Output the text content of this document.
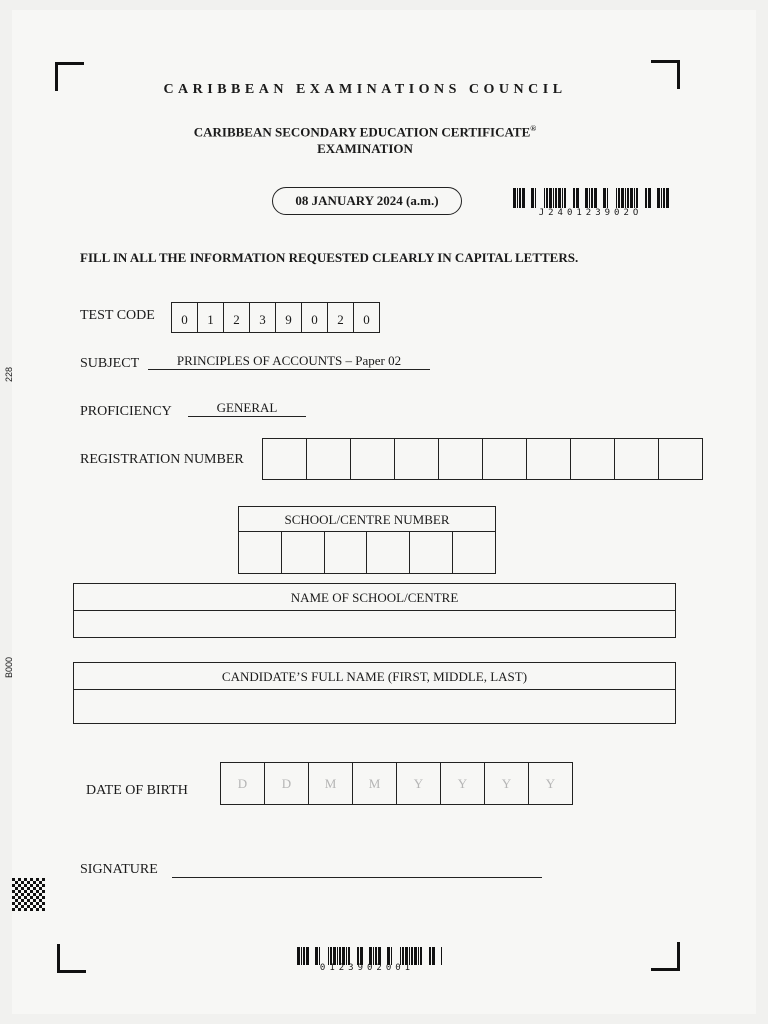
228
B000
CARIBBEAN EXAMINATIONS COUNCIL
CARIBBEAN SECONDARY EDUCATION CERTIFICATE®
EXAMINATION
08 JANUARY 2024 (a.m.)
J240123902O
FILL IN ALL THE INFORMATION REQUESTED CLEARLY IN CAPITAL LETTERS.
TEST CODE	0	1	2	3	9	0	2	0
SUBJECT	PRINCIPLES OF ACCOUNTS – Paper 02
PROFICIENCY	GENERAL
REGISTRATION NUMBER
SCHOOL/CENTRE NUMBER
NAME OF SCHOOL/CENTRE
CANDIDATE’S FULL NAME (FIRST, MIDDLE, LAST)
DATE OF BIRTH	D	D	M	M	Y	Y	Y	Y
SIGNATURE
0123902001
